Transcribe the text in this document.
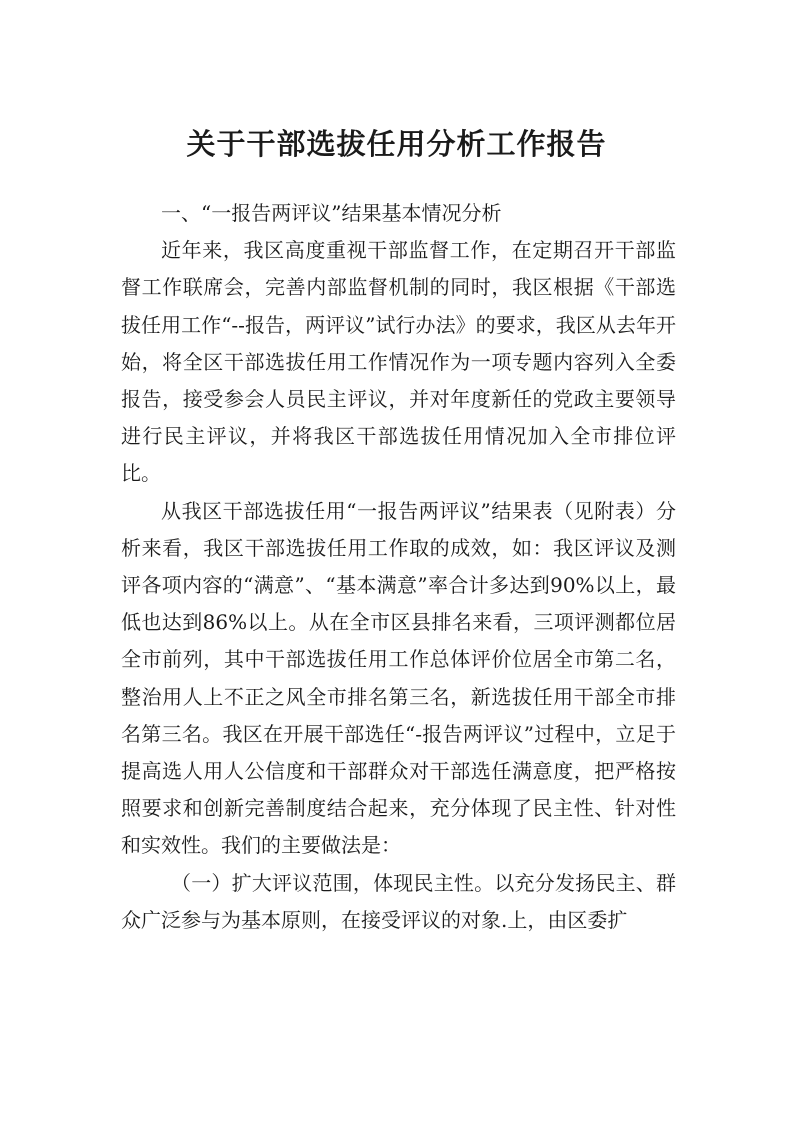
关于干部选拔任用分析工作报告

一、“一报告两评议”结果基本情况分析

近年来，我区高度重视干部监督工作，在定期召开干部监督工作联席会，完善内部监督机制的同时，我区根据《干部选拔任用工作“--报告，两评议”试行办法》的要求，我区从去年开始，将全区干部选拔任用工作情况作为一项专题内容列入全委报告，接受参会人员民主评议，并对年度新任的党政主要领导进行民主评议，并将我区干部选拔任用情况加入全市排位评比。

从我区干部选拔任用“一报告两评议”结果表（见附表）分析来看，我区干部选拔任用工作取的成效，如：我区评议及测评各项内容的“满意”、“基本满意”率合计多达到90%以上，最低也达到86%以上。从在全市区县排名来看，三项评测都位居全市前列，其中干部选拔任用工作总体评价位居全市第二名，整治用人上不正之风全市排名第三名，新选拔任用干部全市排名第三名。我区在开展干部选任“-报告两评议”过程中，立足于提高选人用人公信度和干部群众对干部选任满意度，把严格按照要求和创新完善制度结合起来，充分体现了民主性、针对性和实效性。我们的主要做法是：

（一）扩大评议范围，体现民主性。以充分发扬民主、群众广泛参与为基本原则，在接受评议的对象.上，由区委扩
